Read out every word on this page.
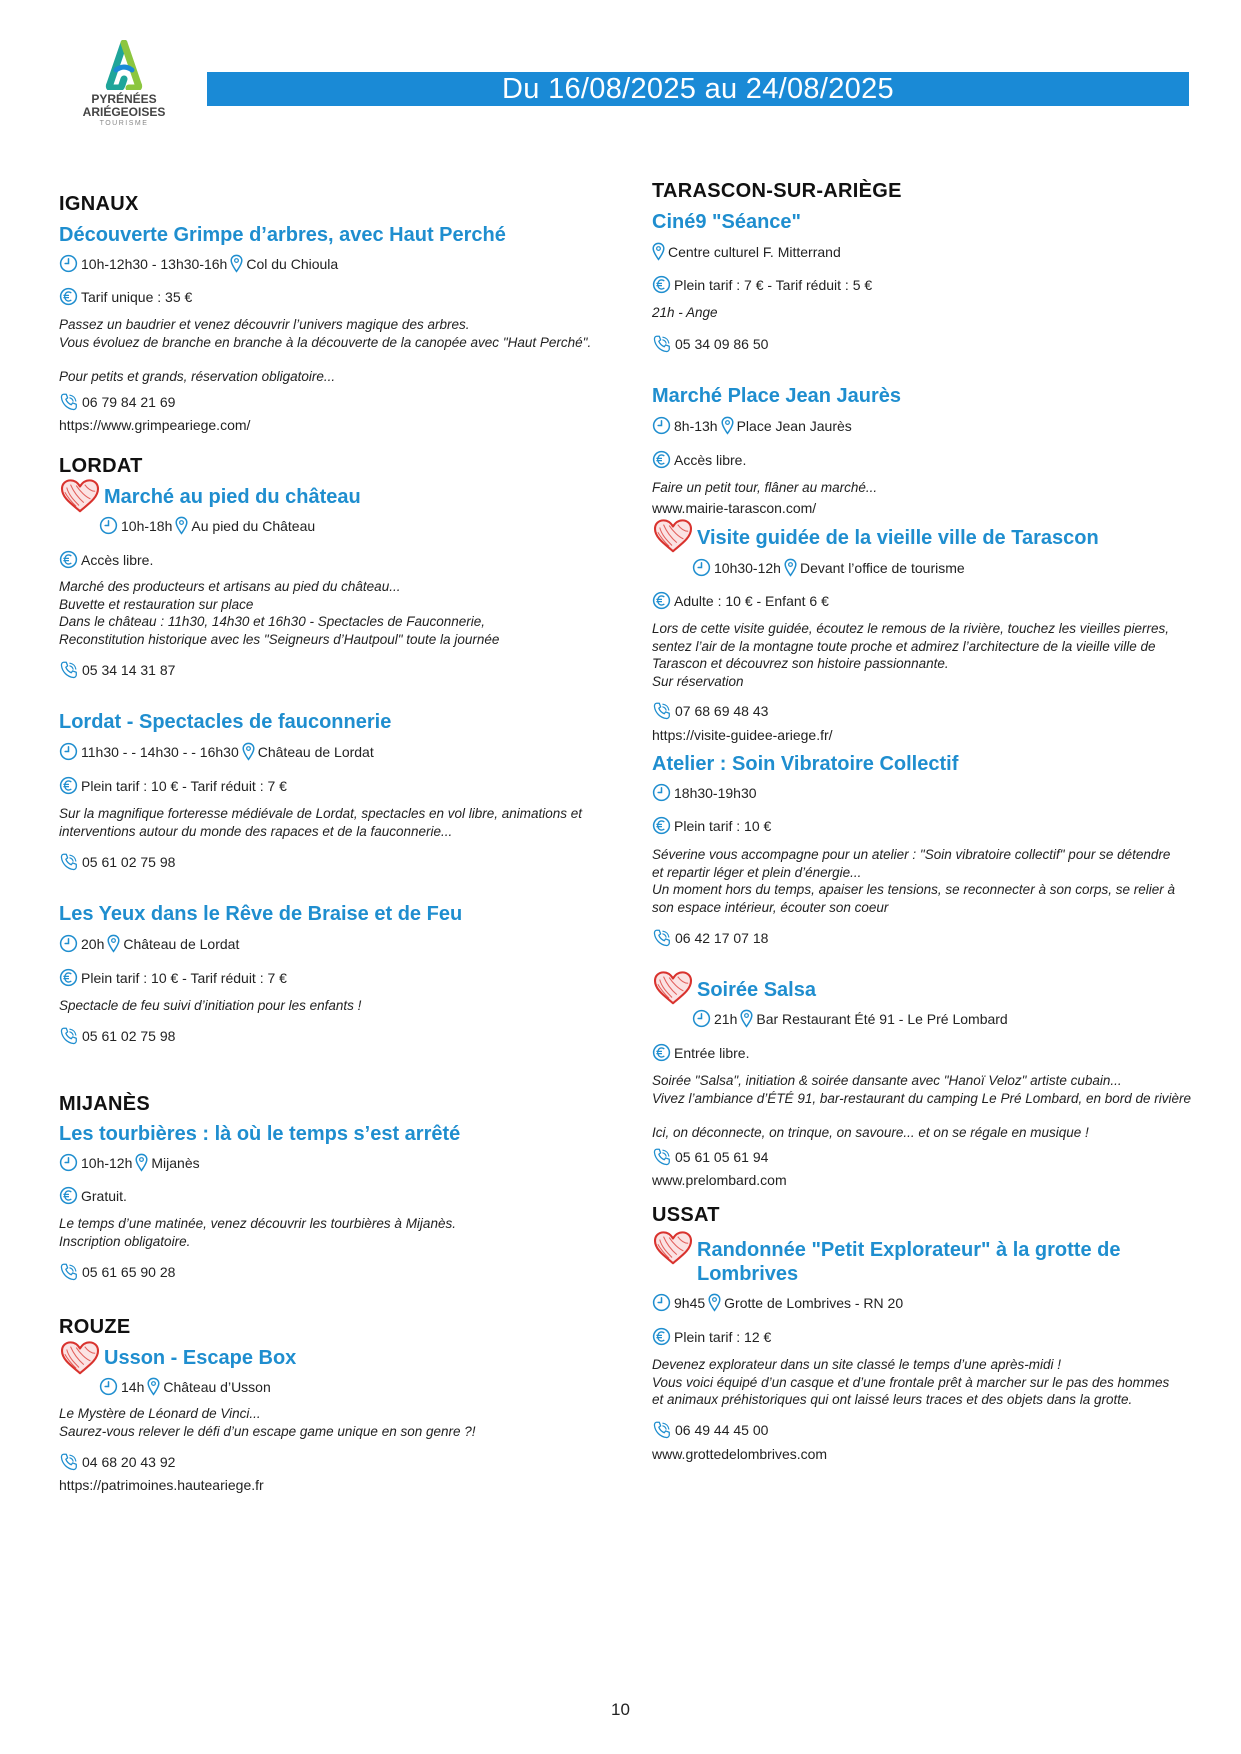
PYRÉNÉES
ARIÉGEOISES
TOURISME
Du 16/08/2025 au 24/08/2025
IGNAUX
Découverte Grimpe d’arbres, avec Haut Perché
10h-12h30 - 13h30-16h Col du Chioula
Tarif unique : 35 €

Passez un baudrier et venez découvrir l’univers magique des arbres.

Vous évoluez de branche en branche à la découverte de la canopée avec "Haut Perché".

Pour petits et grands, réservation obligatoire...

06 79 84 21 69
https://www.grimpeariege.com/
LORDAT
Marché au pied du château
10h-18h Au pied du Château
Accès libre.

Marché des producteurs et artisans au pied du château...

Buvette et restauration sur place

Dans le château : 11h30, 14h30 et 16h30 - Spectacles de Fauconnerie,

Reconstitution historique avec les "Seigneurs d’Hautpoul" toute la journée

05 34 14 31 87
Lordat - Spectacles de fauconnerie
11h30 - - 14h30 - - 16h30 Château de Lordat
Plein tarif : 10 € - Tarif réduit : 7 €

Sur la magnifique forteresse médiévale de Lordat, spectacles en vol libre, animations et

interventions autour du monde des rapaces et de la fauconnerie...

05 61 02 75 98
Les Yeux dans le Rêve de Braise et de Feu
20h Château de Lordat
Plein tarif : 10 € - Tarif réduit : 7 €

Spectacle de feu suivi d’initiation pour les enfants !

05 61 02 75 98
MIJANÈS
Les tourbières : là où le temps s’est arrêté
10h-12h Mijanès
Gratuit.

Le temps d’une matinée, venez découvrir les tourbières à Mijanès.

Inscription obligatoire.

05 61 65 90 28
ROUZE
Usson - Escape Box
14h Château d’Usson

Le Mystère de Léonard de Vinci...

Saurez-vous relever le défi d’un escape game unique en son genre ?!

04 68 20 43 92
https://patrimoines.hauteariege.fr
TARASCON-SUR-ARIÈGE
Ciné9 "Séance"
Centre culturel F. Mitterrand
Plein tarif : 7 € - Tarif réduit : 5 €

21h - Ange

05 34 09 86 50
Marché Place Jean Jaurès
8h-13h Place Jean Jaurès
Accès libre.

Faire un petit tour, flâner au marché...

www.mairie-tarascon.com/
Visite guidée de la vieille ville de Tarascon
10h30-12h Devant l’office de tourisme
Adulte : 10 € - Enfant 6 €

Lors de cette visite guidée, écoutez le remous de la rivière, touchez les vieilles pierres,

sentez l’air de la montagne toute proche et admirez l’architecture de la vieille ville de

Tarascon et découvrez son histoire passionnante.

Sur réservation

07 68 69 48 43
https://visite-guidee-ariege.fr/
Atelier : Soin Vibratoire Collectif
18h30-19h30
Plein tarif : 10 €

Séverine vous accompagne pour un atelier : "Soin vibratoire collectif" pour se détendre

et repartir léger et plein d’énergie...

Un moment hors du temps, apaiser les tensions, se reconnecter à son corps, se relier à

son espace intérieur, écouter son coeur

06 42 17 07 18
Soirée Salsa
21h Bar Restaurant Été 91 - Le Pré Lombard
Entrée libre.

Soirée "Salsa", initiation & soirée dansante avec "Hanoï Veloz" artiste cubain...

Vivez l’ambiance d’ÉTÉ 91, bar-restaurant du camping Le Pré Lombard, en bord de rivière

Ici, on déconnecte, on trinque, on savoure... et on se régale en musique !

05 61 05 61 94
www.prelombard.com
USSAT
Randonnée "Petit Explorateur" à la grotte de Lombrives
9h45 Grotte de Lombrives - RN 20
Plein tarif : 12 €

Devenez explorateur dans un site classé le temps d’une après-midi !

Vous voici équipé d’un casque et d’une frontale prêt à marcher sur le pas des hommes

et animaux préhistoriques qui ont laissé leurs traces et des objets dans la grotte.

06 49 44 45 00
www.grottedelombrives.com
10
